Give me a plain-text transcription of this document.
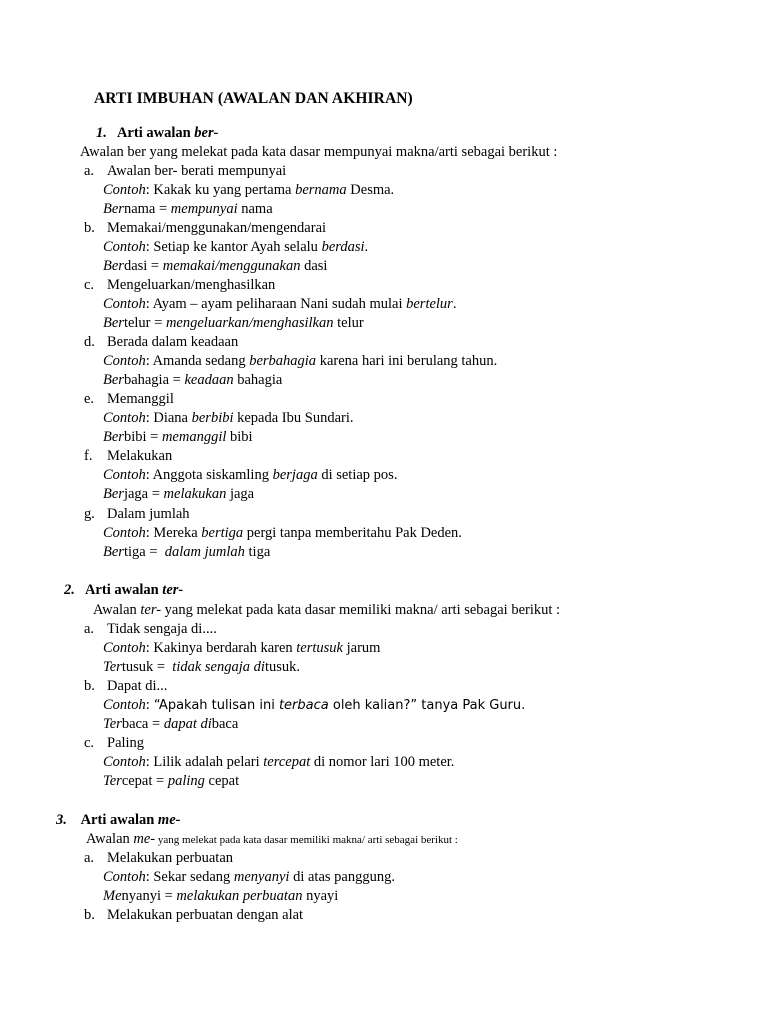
ARTI IMBUHAN (AWALAN DAN AKHIRAN)
1. Arti awalan ber-
Awalan ber yang melekat pada kata dasar mempunyai makna/arti sebagai berikut :
a. Awalan ber- berati mempunyai
Contoh: Kakak ku yang pertama bernama Desma.
Bernama = mempunyai nama
b. Memakai/menggunakan/mengendarai
Contoh: Setiap ke kantor Ayah selalu berdasi.
Berdasi = memakai/menggunakan dasi
c. Mengeluarkan/menghasilkan
Contoh: Ayam – ayam peliharaan Nani sudah mulai bertelur.
Bertelur = mengeluarkan/menghasilkan telur
d. Berada dalam keadaan
Contoh: Amanda sedang berbahagia karena hari ini berulang tahun.
Berbahagia = keadaan bahagia
e. Memanggil
Contoh: Diana berbibi kepada Ibu Sundari.
Berbibi = memanggil bibi
f. Melakukan
Contoh: Anggota siskamling berjaga di setiap pos.
Berjaga = melakukan jaga
g. Dalam jumlah
Contoh: Mereka bertiga pergi tanpa memberitahu Pak Deden.
Bertiga =  dalam jumlah tiga
2. Arti awalan ter-
Awalan ter- yang melekat pada kata dasar memiliki makna/ arti sebagai berikut :
a. Tidak sengaja di....
Contoh: Kakinya berdarah karen tertusuk jarum
Tertusuk =  tidak sengaja ditusuk.
b. Dapat di...
Contoh: “Apakah tulisan ini terbaca oleh kalian?” tanya Pak Guru.
Terbaca = dapat dibaca
c. Paling
Contoh: Lilik adalah pelari tercepat di nomor lari 100 meter.
Tercepat = paling cepat
3. Arti awalan me-
Awalan me- yang melekat pada kata dasar memiliki makna/ arti sebagai berikut :
a. Melakukan perbuatan
Contoh: Sekar sedang menyanyi di atas panggung.
Menyanyi = melakukan perbuatan nyayi
b. Melakukan perbuatan dengan alat
